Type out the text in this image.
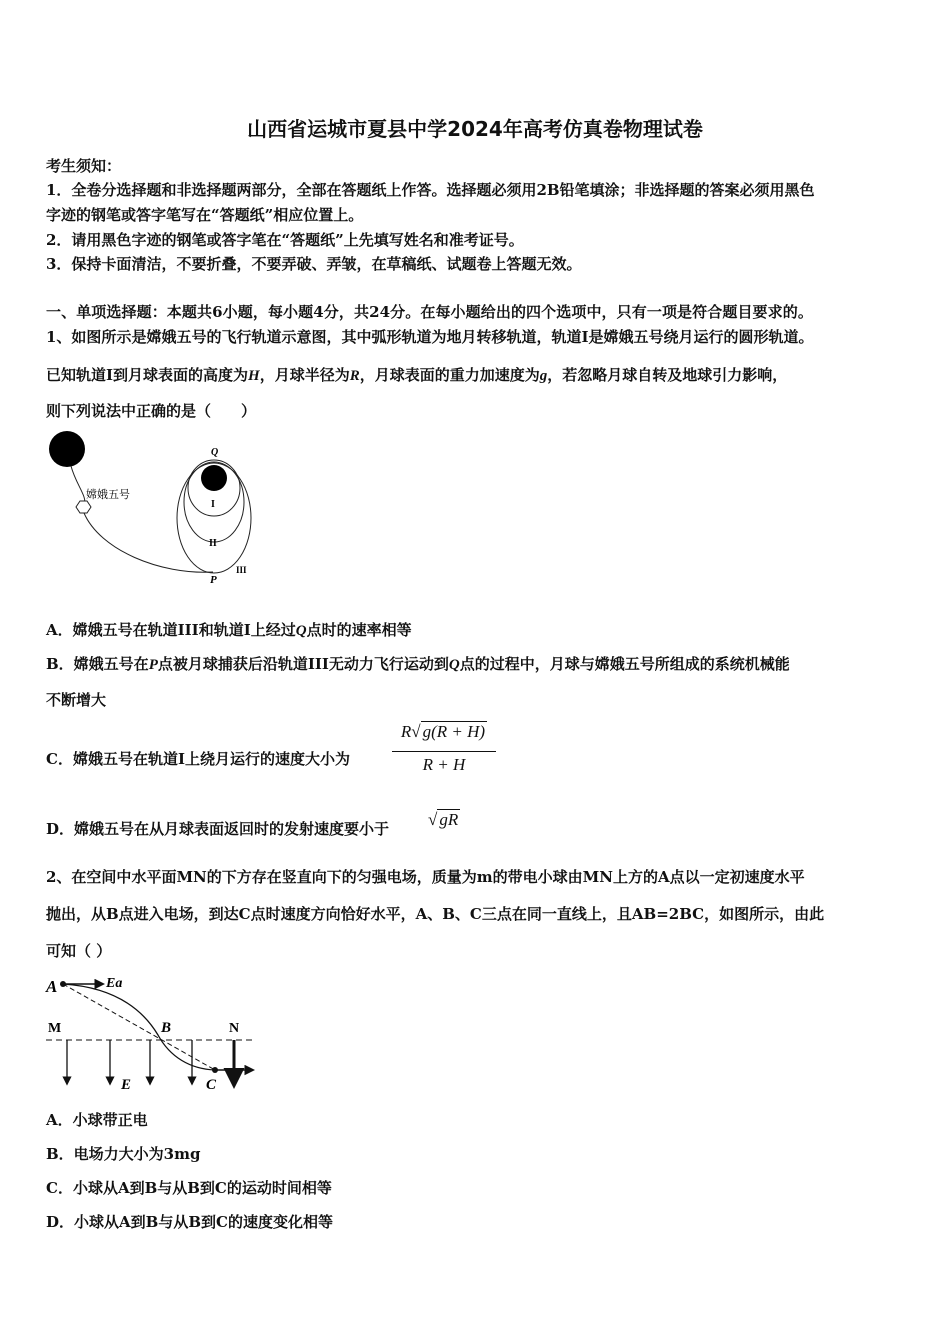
山西省运城市夏县中学2024年高考仿真卷物理试卷
考生须知：
1．全卷分选择题和非选择题两部分，全部在答题纸上作答。选择题必须用2B铅笔填涂；非选择题的答案必须用黑色
字迹的钢笔或答字笔写在“答题纸”相应位置上。
2．请用黑色字迹的钢笔或答字笔在“答题纸”上先填写姓名和准考证号。
3．保持卡面清洁，不要折叠，不要弄破、弄皱，在草稿纸、试题卷上答题无效。
一、单项选择题：本题共6小题，每小题4分，共24分。在每小题给出的四个选项中，只有一项是符合题目要求的。
1、如图所示是嫦娥五号的飞行轨道示意图，其中弧形轨道为地月转移轨道，轨道I是嫦娥五号绕月运行的圆形轨道。
已知轨道I到月球表面的高度为H，月球半径为R，月球表面的重力加速度为g，若忽略月球自转及地球引力影响，
则下列说法中正确的是（　　）
嫦娥五号
Q
P
I
II
III
A．嫦娥五号在轨道III和轨道I上经过Q点时的速率相等
B．嫦娥五号在P点被月球捕获后沿轨道III无动力飞行运动到Q点的过程中，月球与嫦娥五号所组成的系统机械能
不断增大
C．嫦娥五号在轨道I上绕月运行的速度大小为 $\frac{R√ g(R + H)}{R + H}$
D．嫦娥五号在从月球表面返回时的发射速度要小于 √ gR
2、在空间中水平面MN的下方存在竖直向下的匀强电场，质量为m的带电小球由MN上方的A点以一定初速度水平
抛出，从B点进入电场，到达C点时速度方向恰好水平，A、B、C三点在同一直线上，且AB=2BC，如图所示，由此
可知（ ）
A	Ea
M	N
B
C
E
A．小球带正电
B．电场力大小为3mg
C．小球从A到B与从B到C的运动时间相等
D．小球从A到B与从B到C的速度变化相等
